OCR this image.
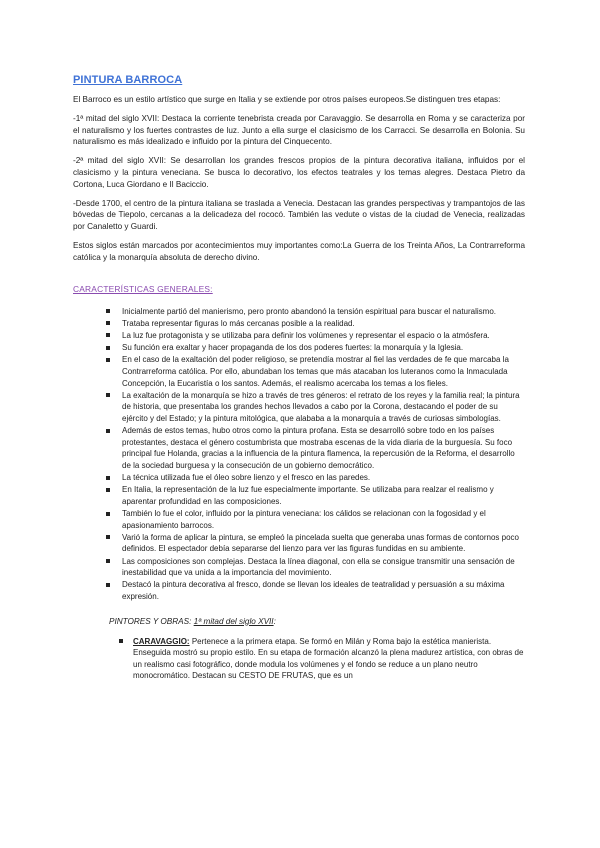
PINTURA BARROCA

El Barroco es un estilo artístico que surge en Italia y se extiende por otros países europeos.Se distinguen tres etapas:

-1ª mitad del siglo XVII: Destaca la corriente tenebrista creada por Caravaggio. Se desarrolla en Roma y se caracteriza por el naturalismo y los fuertes contrastes de luz. Junto a ella surge el clasicismo de los Carracci. Se desarrolla en Bolonia. Su naturalismo es más idealizado e influido por la pintura del Cinquecento.

-2ª mitad del siglo XVII: Se desarrollan los grandes frescos propios de la pintura decorativa italiana, influidos por el clasicismo y la pintura veneciana. Se busca lo decorativo, los efectos teatrales y los temas alegres. Destaca Pietro da Cortona, Luca Giordano e Il Baciccio.

-Desde 1700, el centro de la pintura italiana se traslada a Venecia. Destacan las grandes perspectivas y trampantojos de las bóvedas de Tiepolo, cercanas a la delicadeza del rococó. También las vedute o vistas de la ciudad de Venecia, realizadas por Canaletto y Guardi.

Estos siglos están marcados por acontecimientos muy importantes como:La Guerra de los Treinta Años, La Contrarreforma católica y la monarquía absoluta de derecho divino.

CARACTERÍSTICAS GENERALES:
Inicialmente partió del manierismo, pero pronto abandonó la tensión espiritual para buscar el naturalismo.
Trataba representar figuras lo más cercanas posible a la realidad.
La luz fue protagonista y se utilizaba para definir los volúmenes y representar el espacio o la atmósfera.
Su función era exaltar y hacer propaganda de los dos poderes fuertes: la monarquía y la Iglesia.
En el caso de la exaltación del poder religioso, se pretendía mostrar al fiel las verdades de fe que marcaba la Contrarreforma católica. Por ello, abundaban los temas que más atacaban los luteranos como la Inmaculada Concepción, la Eucaristía o los santos. Además, el realismo acercaba los temas a los fieles.
La exaltación de la monarquía se hizo a través de tres géneros: el retrato de los reyes y la familia real; la pintura de historia, que presentaba los grandes hechos llevados a cabo por la Corona, destacando el poder de su ejército y del Estado; y la pintura mitológica, que alababa a la monarquía a través de curiosas simbologías.
Además de estos temas, hubo otros como la pintura profana. Esta se desarrolló sobre todo en los países protestantes, destaca el género costumbrista que mostraba escenas de la vida diaria de la burguesía. Su foco principal fue Holanda, gracias a la influencia de la pintura flamenca, la repercusión de la Reforma, el desarrollo de la sociedad burguesa y la consecución de un gobierno democrático.
La técnica utilizada fue el óleo sobre lienzo y el fresco en las paredes.
En Italia, la representación de la luz fue especialmente importante. Se utilizaba para realzar el realismo y aparentar profundidad en las composiciones.
También lo fue el color, influido por la pintura veneciana: los cálidos se relacionan con la fogosidad y el apasionamiento barrocos.
Varió la forma de aplicar la pintura, se empleó la pincelada suelta que generaba unas formas de contornos poco definidos. El espectador debía separarse del lienzo para ver las figuras fundidas en su ambiente.
Las composiciones son complejas. Destaca la línea diagonal, con ella se consigue transmitir una sensación de inestabilidad que va unida a la importancia del movimiento.
Destacó la pintura decorativa al fresco, donde se llevan los ideales de teatralidad y persuasión a su máxima expresión.
PINTORES Y OBRAS: 1ª mitad del siglo XVII:
CARAVAGGIO: Pertenece a la primera etapa. Se formó en Milán y Roma bajo la estética manierista. Enseguida mostró su propio estilo. En su etapa de formación alcanzó la plena madurez artística, con obras de un realismo casi fotográfico, donde modula los volúmenes y el fondo se reduce a un plano neutro monocromático. Destacan su CESTO DE FRUTAS, que es un
